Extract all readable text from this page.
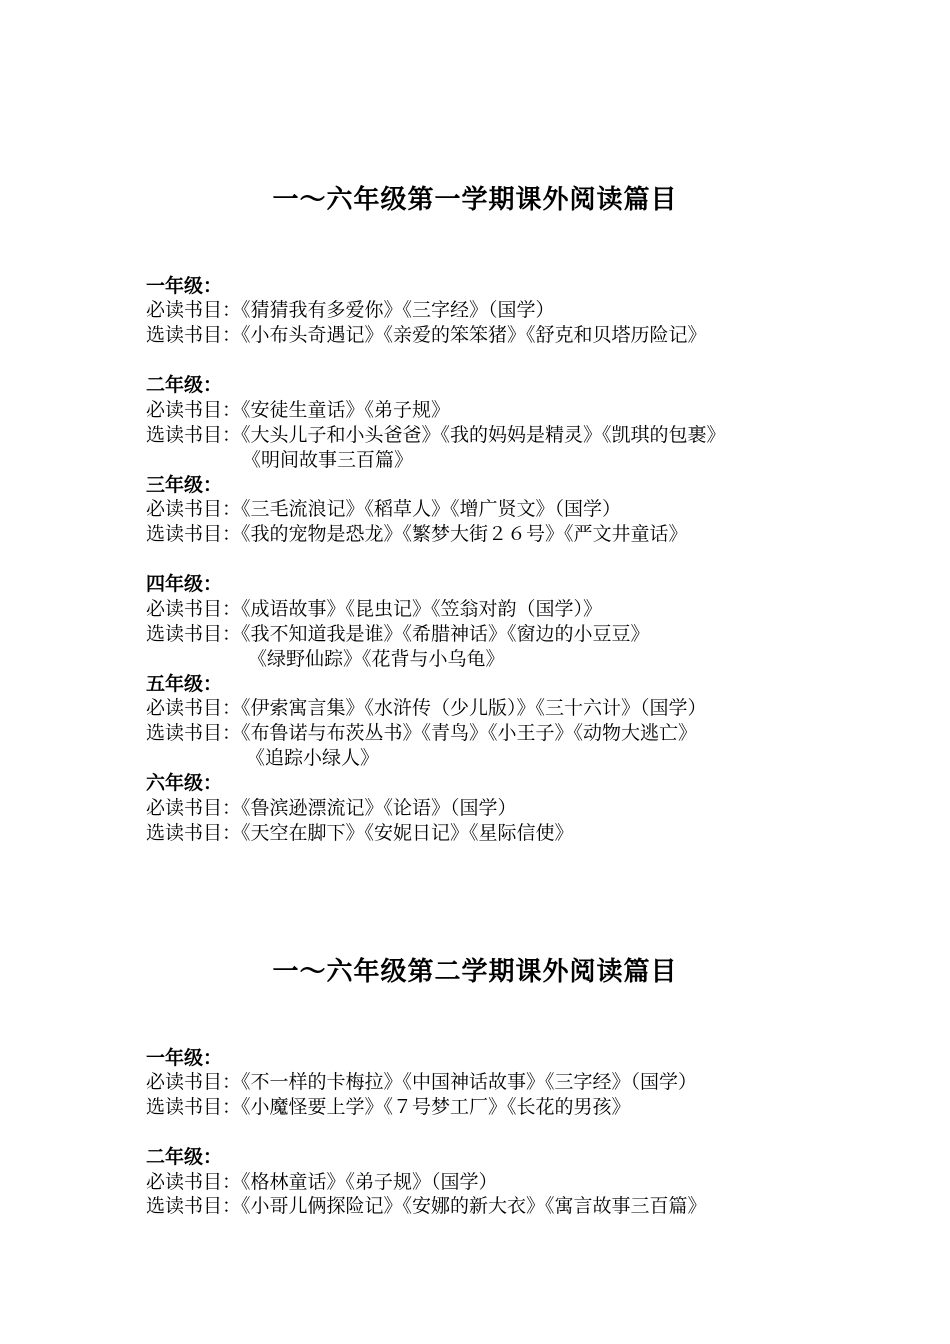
一～六年级第一学期课外阅读篇目
一年级：
必读书目：《猜猜我有多爱你》《三字经》（国学）
选读书目：《小布头奇遇记》《亲爱的笨笨猪》《舒克和贝塔历险记》
二年级：
必读书目：《安徒生童话》《弟子规》
选读书目：《大头儿子和小头爸爸》《我的妈妈是精灵》《凯琪的包裹》
《明间故事三百篇》
三年级：
必读书目：《三毛流浪记》《稻草人》《增广贤文》（国学）
选读书目：《我的宠物是恐龙》《繁梦大街２６号》《严文井童话》
四年级：
必读书目：《成语故事》《昆虫记》《笠翁对韵（国学）》
选读书目：《我不知道我是谁》《希腊神话》《窗边的小豆豆》
《绿野仙踪》《花背与小乌龟》
五年级：
必读书目：《伊索寓言集》《水浒传（少儿版）》《三十六计》（国学）
选读书目：《布鲁诺与布茨丛书》《青鸟》《小王子》《动物大逃亡》
《追踪小绿人》
六年级：
必读书目：《鲁滨逊漂流记》《论语》（国学）
选读书目：《天空在脚下》《安妮日记》《星际信使》
一～六年级第二学期课外阅读篇目
一年级：
必读书目：《不一样的卡梅拉》《中国神话故事》《三字经》（国学）
选读书目：《小魔怪要上学》《７号梦工厂》《长花的男孩》
二年级：
必读书目：《格林童话》《弟子规》（国学）
选读书目：《小哥儿俩探险记》《安娜的新大衣》《寓言故事三百篇》
